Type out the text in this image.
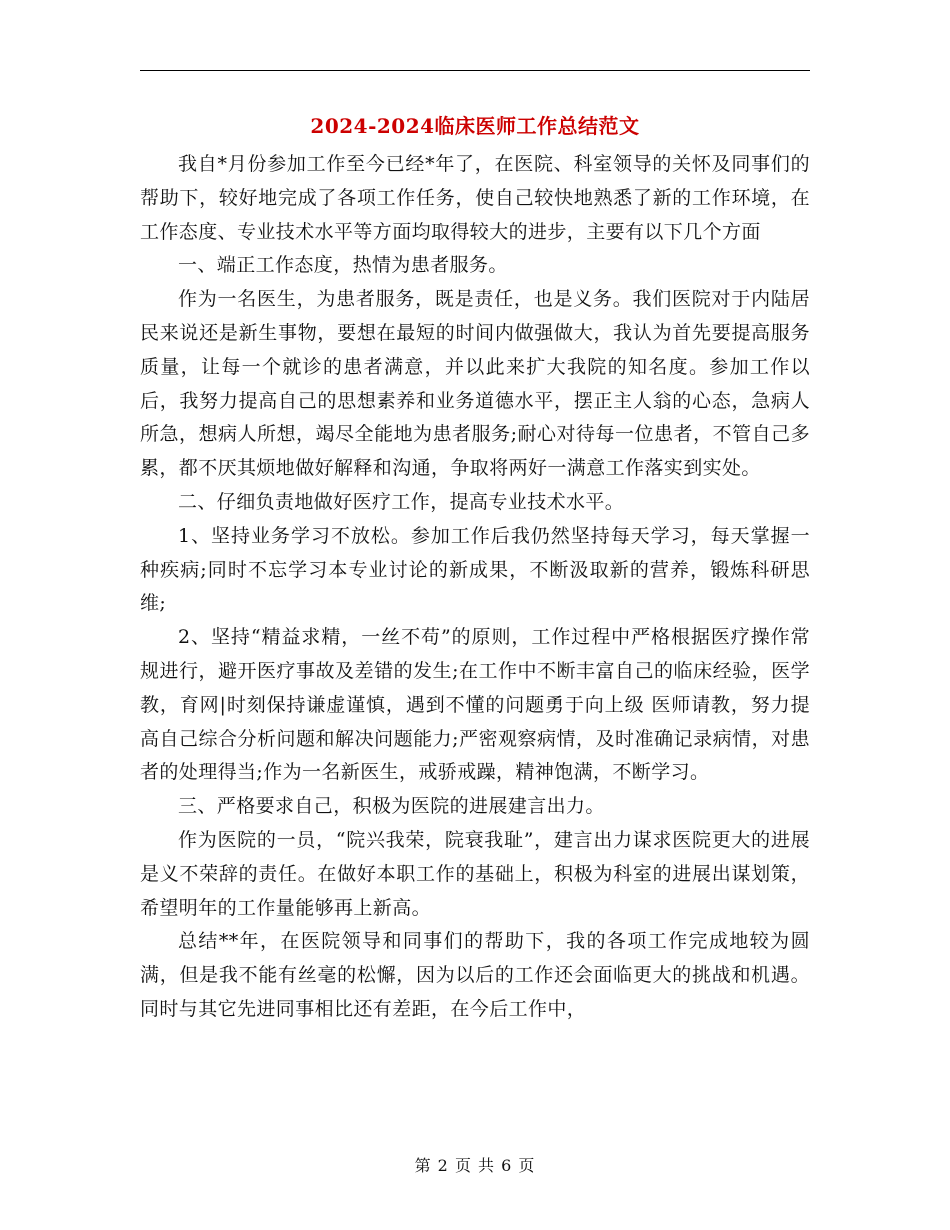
2024-2024临床医师工作总结范文

我自*月份参加工作至今已经*年了，在医院、科室领导的关怀及同事们的帮助下，较好地完成了各项工作任务，使自己较快地熟悉了新的工作环境，在工作态度、专业技术水平等方面均取得较大的进步，主要有以下几个方面

一、端正工作态度，热情为患者服务。

作为一名医生，为患者服务，既是责任，也是义务。我们医院对于内陆居民来说还是新生事物，要想在最短的时间内做强做大，我认为首先要提高服务质量，让每一个就诊的患者满意，并以此来扩大我院的知名度。参加工作以后，我努力提高自己的思想素养和业务道德水平，摆正主人翁的心态，急病人所急，想病人所想，竭尽全能地为患者服务;耐心对待每一位患者，不管自己多累，都不厌其烦地做好解释和沟通，争取将两好一满意工作落实到实处。

二、仔细负责地做好医疗工作，提高专业技术水平。

1、坚持业务学习不放松。参加工作后我仍然坚持每天学习，每天掌握一种疾病;同时不忘学习本专业讨论的新成果，不断汲取新的营养，锻炼科研思维;

2、坚持“精益求精，一丝不苟”的原则，工作过程中严格根据医疗操作常规进行，避开医疗事故及差错的发生;在工作中不断丰富自己的临床经验，医学教，育网|时刻保持谦虚谨慎，遇到不懂的问题勇于向上级 医师请教，努力提高自己综合分析问题和解决问题能力;严密观察病情，及时准确记录病情，对患者的处理得当;作为一名新医生，戒骄戒躁，精神饱满，不断学习。

三、严格要求自己，积极为医院的进展建言出力。

作为医院的一员，“院兴我荣，院衰我耻”，建言出力谋求医院更大的进展是义不荣辞的责任。在做好本职工作的基础上，积极为科室的进展出谋划策，希望明年的工作量能够再上新高。

总结**年，在医院领导和同事们的帮助下，我的各项工作完成地较为圆满，但是我不能有丝毫的松懈，因为以后的工作还会面临更大的挑战和机遇。同时与其它先进同事相比还有差距，在今后工作中，

第 2 页 共 6 页
